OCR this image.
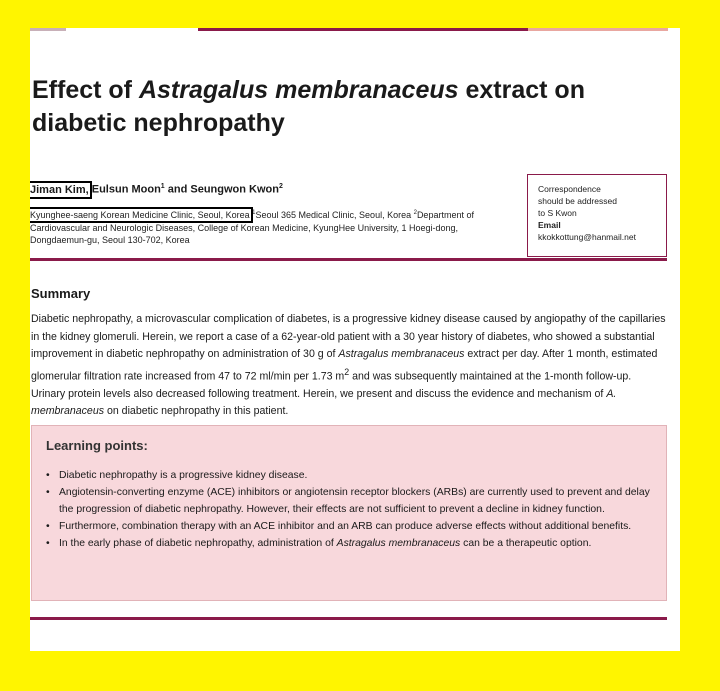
Effect of Astragalus membranaceus extract on diabetic nephropathy
Jiman Kim, Eulsun Moon$^1$ and Seungwon Kwon$^2$
Kyunghee-saeng Korean Medicine Clinic, Seoul, Korea $^1$Seoul 365 Medical Clinic, Seoul, Korea $^2$Department of Cardiovascular and Neurologic Diseases, College of Korean Medicine, KyungHee University, 1 Hoegi-dong, Dongdaemun-gu, Seoul 130-702, Korea
Correspondence
should be addressed
to S Kwon
Email
kkokkottung@hanmail.net
Summary

Diabetic nephropathy, a microvascular complication of diabetes, is a progressive kidney disease caused by angiopathy of the capillaries in the kidney glomeruli. Herein, we report a case of a 62-year-old patient with a 30 year history of diabetes, who showed a substantial improvement in diabetic nephropathy on administration of 30 g of Astragalus membranaceus extract per day. After 1 month, estimated glomerular filtration rate increased from 47 to 72 ml/min per 1.73 $m^2$ and was subsequently maintained at the 1-month follow-up. Urinary protein levels also decreased following treatment. Herein, we present and discuss the evidence and mechanism of A. membranaceus on diabetic nephropathy in this patient.

Learning points:
• Diabetic nephropathy is a progressive kidney disease.
• Angiotensin-converting enzyme (ACE) inhibitors or angiotensin receptor blockers (ARBs) are currently used to prevent and delay the progression of diabetic nephropathy. However, their effects are not sufficient to prevent a decline in kidney function.
• Furthermore, combination therapy with an ACE inhibitor and an ARB can produce adverse effects without additional benefits.
• In the early phase of diabetic nephropathy, administration of Astragalus membranaceus can be a therapeutic option.
